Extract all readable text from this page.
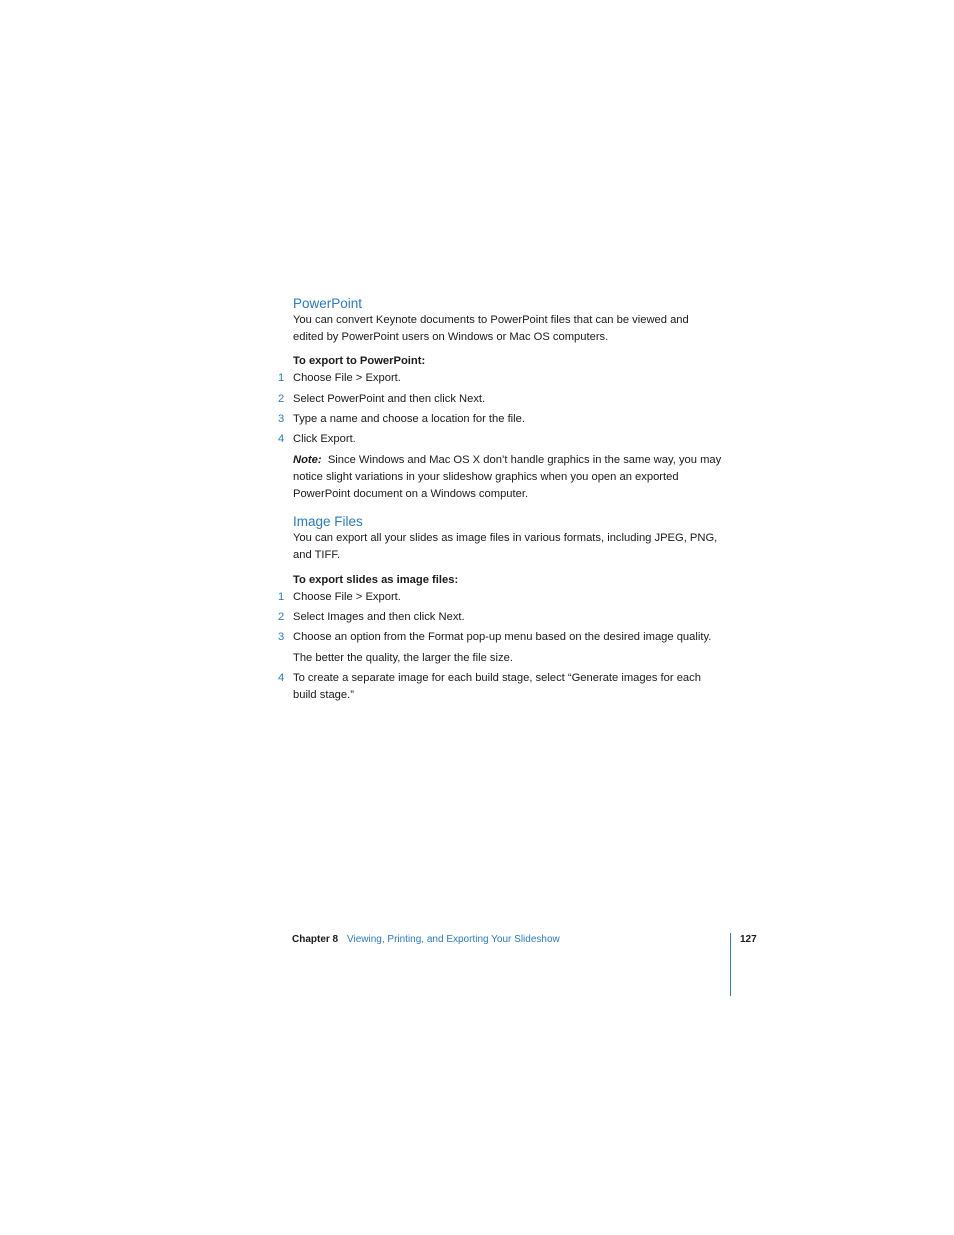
PowerPoint
You can convert Keynote documents to PowerPoint files that can be viewed and
edited by PowerPoint users on Windows or Mac OS computers.
To export to PowerPoint:
1 Choose File > Export.
2 Select PowerPoint and then click Next.
3 Type a name and choose a location for the file.
4 Click Export.
Note: Since Windows and Mac OS X don’t handle graphics in the same way, you may
notice slight variations in your slideshow graphics when you open an exported
PowerPoint document on a Windows computer.
Image Files
You can export all your slides as image files in various formats, including JPEG, PNG,
and TIFF.
To export slides as image files:
1 Choose File > Export.
2 Select Images and then click Next.
3 Choose an option from the Format pop-up menu based on the desired image quality.
The better the quality, the larger the file size.
4 To create a separate image for each build stage, select “Generate images for each
build stage.”
Chapter 8 Viewing, Printing, and Exporting Your Slideshow	127
